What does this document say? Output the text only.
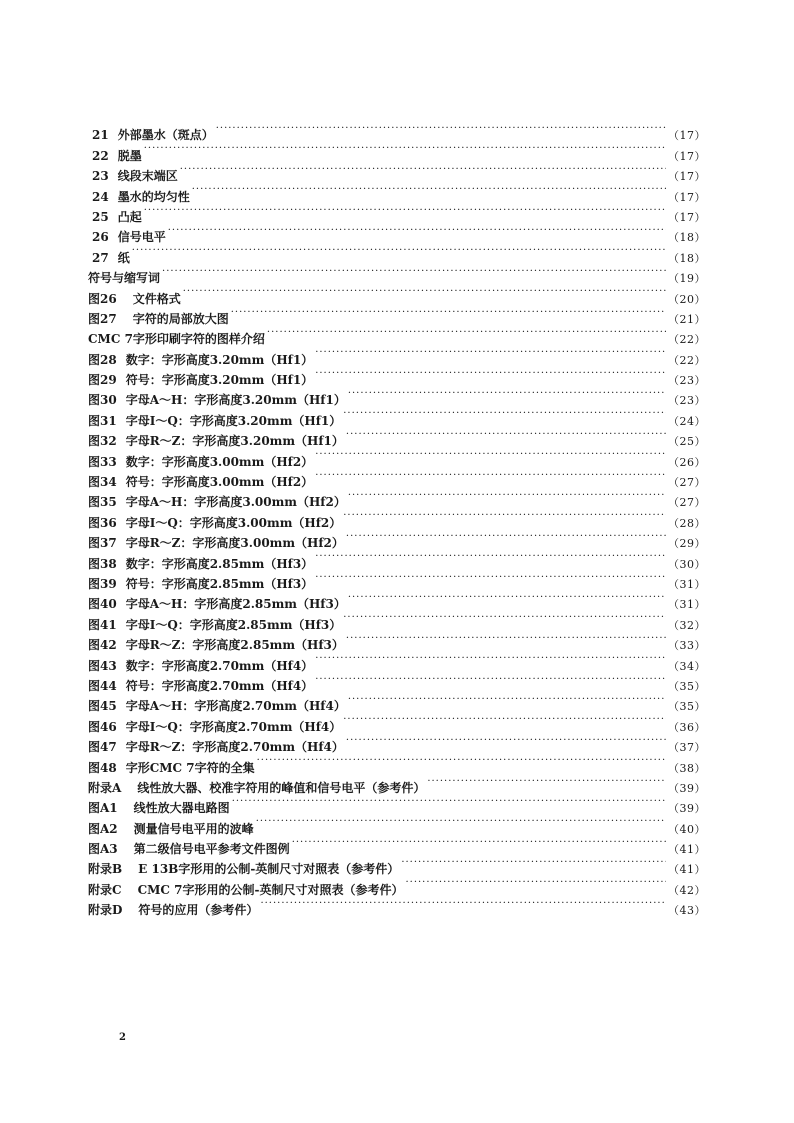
21 外部墨水（斑点） ·····	（17）
22 脱墨 ·····	（17）
23 线段末端区 ·····	（17）
24 墨水的均匀性 ·····	（17）
25 凸起 ·····	（17）
26 信号电平 ·····	（18）
27 纸 ·····	（18）
符号与缩写词 ·····	（19）
图26 文件格式 ·····	（20）
图27 字符的局部放大图 ·····	（21）
CMC 7字形印刷字符的图样介绍 ·····	（22）
图28 数字：字形高度3.20mm（Hf1） ·····	（22）
图29 符号：字形高度3.20mm（Hf1） ·····	（23）
图30 字母A～H：字形高度3.20mm（Hf1） ·····	（23）
图31 字母I～Q：字形高度3.20mm（Hf1） ·····	（24）
图32 字母R～Z：字形高度3.20mm（Hf1） ·····	（25）
图33 数字：字形高度3.00mm（Hf2） ·····	（26）
图34 符号：字形高度3.00mm（Hf2） ·····	（27）
图35 字母A～H：字形高度3.00mm（Hf2） ·····	（27）
图36 字母I～Q：字形高度3.00mm（Hf2） ·····	（28）
图37 字母R～Z：字形高度3.00mm（Hf2） ·····	（29）
图38 数字：字形高度2.85mm（Hf3） ·····	（30）
图39 符号：字形高度2.85mm（Hf3） ·····	（31）
图40 字母A～H：字形高度2.85mm（Hf3） ·····	（31）
图41 字母I～Q：字形高度2.85mm（Hf3） ·····	（32）
图42 字母R～Z：字形高度2.85mm（Hf3） ·····	（33）
图43 数字：字形高度2.70mm（Hf4） ·····	（34）
图44 符号：字形高度2.70mm（Hf4） ·····	（35）
图45 字母A～H：字形高度2.70mm（Hf4） ·····	（35）
图46 字母I～Q：字形高度2.70mm（Hf4） ·····	（36）
图47 字母R～Z：字形高度2.70mm（Hf4） ·····	（37）
图48 字形CMC 7字符的全集 ·····	（38）
附录A 线性放大器、校准字符用的峰值和信号电平（参考件） ·····	（39）
图A1 线性放大器电路图 ·····	（39）
图A2 测量信号电平用的波峰 ·····	（40）
图A3 第二级信号电平参考文件图例 ·····	（41）
附录B E 13B字形用的公制-英制尺寸对照表（参考件） ·····	（41）
附录C CMC 7字形用的公制-英制尺寸对照表（参考件） ·····	（42）
附录D 符号的应用（参考件） ·····	（43）
2
